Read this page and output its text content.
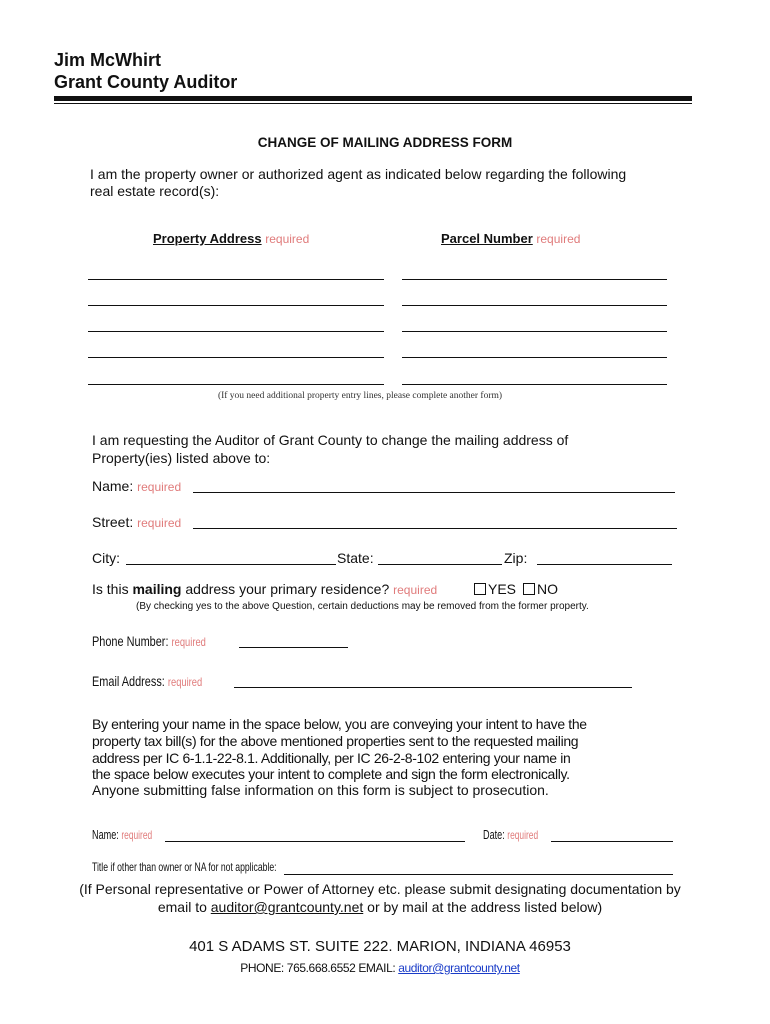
Jim McWhirt
Grant County Auditor
CHANGE OF MAILING ADDRESS FORM
I am the property owner or authorized agent as indicated below regarding the following
real estate record(s):
Property Address required	Parcel Number required
(If you need additional property entry lines, please complete another form)
I am requesting the Auditor of Grant County to change the mailing address of
Property(ies) listed above to:
Name: required
Street: required
City:	State:	Zip:
Is this mailing address your primary residence? required	YES	NO
(By checking yes to the above Question, certain deductions may be removed from the former property.
Phone Number: required
Email Address: required
By entering your name in the space below, you are conveying your intent to have the
property tax bill(s) for the above mentioned properties sent to the requested mailing
address per IC 6-1.1-22-8.1. Additionally, per IC 26-2-8-102 entering your name in
the space below executes your intent to complete and sign the form electronically.
Anyone submitting false information on this form is subject to prosecution.
Name: required	Date: required
Title if other than owner or NA for not applicable:
(If Personal representative or Power of Attorney etc. please submit designating documentation by
email to auditor@grantcounty.net or by mail at the address listed below)
401 S ADAMS ST. SUITE 222. MARION, INDIANA 46953
PHONE: 765.668.6552 EMAIL: auditor@grantcounty.net
